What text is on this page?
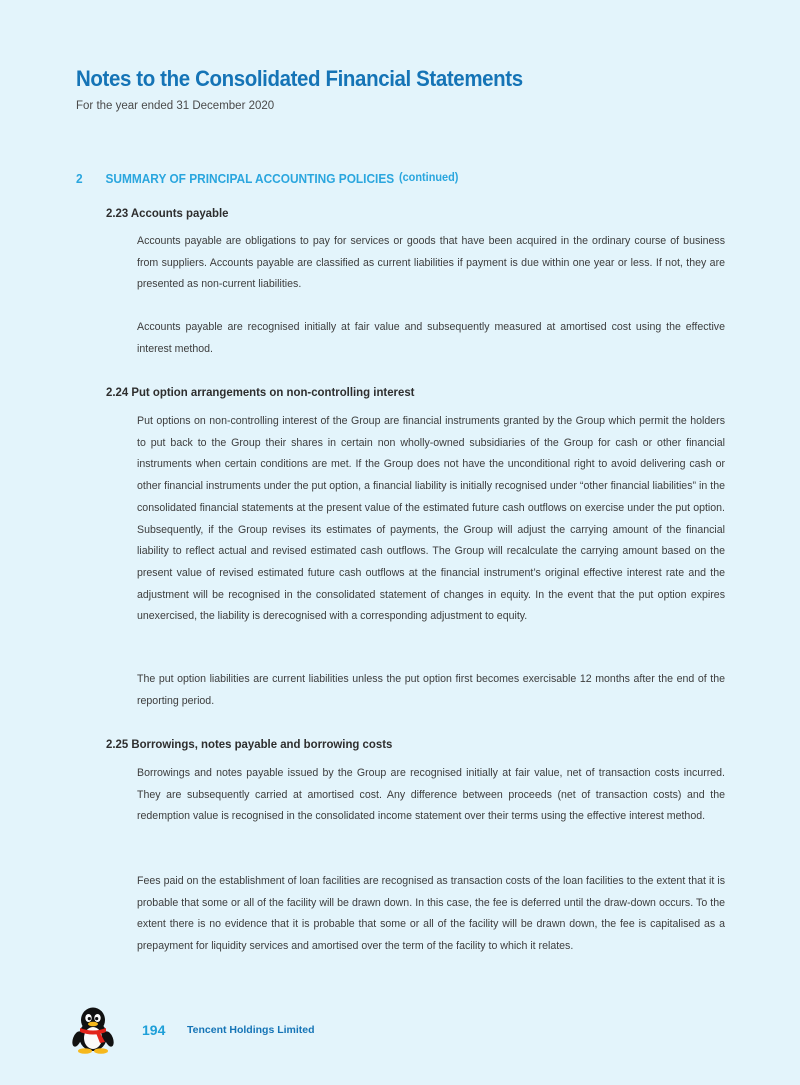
Notes to the Consolidated Financial Statements

For the year ended 31 December 2020

2	SUMMARY OF PRINCIPAL ACCOUNTING POLICIES (continued)
2.23 Accounts payable

Accounts payable are obligations to pay for services or goods that have been acquired in the ordinary course of business from suppliers. Accounts payable are classified as current liabilities if payment is due within one year or less. If not, they are presented as non-current liabilities.

Accounts payable are recognised initially at fair value and subsequently measured at amortised cost using the effective interest method.

2.24 Put option arrangements on non-controlling interest

Put options on non-controlling interest of the Group are financial instruments granted by the Group which permit the holders to put back to the Group their shares in certain non wholly-owned subsidiaries of the Group for cash or other financial instruments when certain conditions are met. If the Group does not have the unconditional right to avoid delivering cash or other financial instruments under the put option, a financial liability is initially recognised under “other financial liabilities” in the consolidated financial statements at the present value of the estimated future cash outflows on exercise under the put option. Subsequently, if the Group revises its estimates of payments, the Group will adjust the carrying amount of the financial liability to reflect actual and revised estimated cash outflows. The Group will recalculate the carrying amount based on the present value of revised estimated future cash outflows at the financial instrument’s original effective interest rate and the adjustment will be recognised in the consolidated statement of changes in equity. In the event that the put option expires unexercised, the liability is derecognised with a corresponding adjustment to equity.

The put option liabilities are current liabilities unless the put option first becomes exercisable 12 months after the end of the reporting period.

2.25 Borrowings, notes payable and borrowing costs

Borrowings and notes payable issued by the Group are recognised initially at fair value, net of transaction costs incurred. They are subsequently carried at amortised cost. Any difference between proceeds (net of transaction costs) and the redemption value is recognised in the consolidated income statement over their terms using the effective interest method.

Fees paid on the establishment of loan facilities are recognised as transaction costs of the loan facilities to the extent that it is probable that some or all of the facility will be drawn down. In this case, the fee is deferred until the draw-down occurs. To the extent there is no evidence that it is probable that some or all of the facility will be drawn down, the fee is capitalised as a prepayment for liquidity services and amortised over the term of the facility to which it relates.

194 Tencent Holdings Limited
